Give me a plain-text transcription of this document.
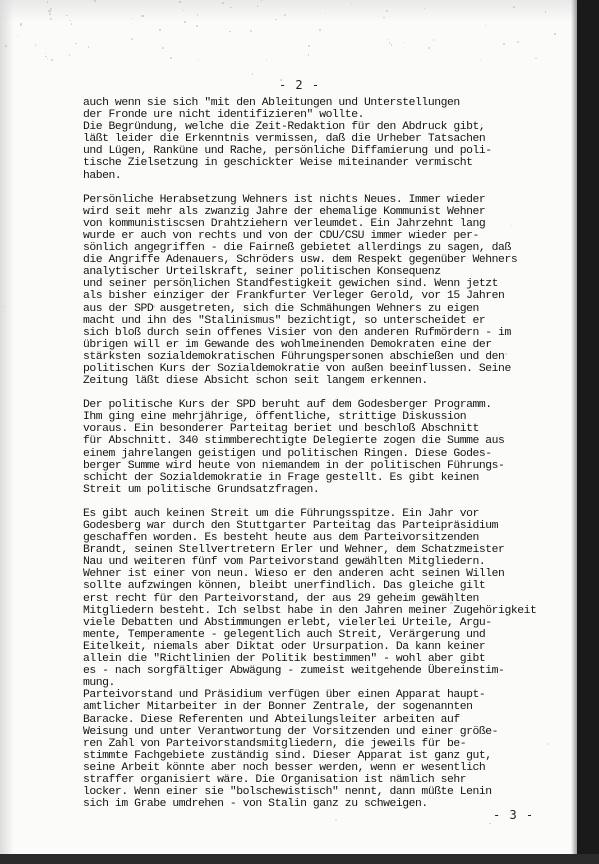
- 2 -
auch wenn sie sich "mit den Ableitungen und Unterstellungen
der Fronde ure nicht identifizieren" wollte.
Die Begründung, welche die Zeit-Redaktion für den Abdruck gibt,
läßt leider die Erkenntnis vermissen, daß die Urheber Tatsachen
und Lügen, Ranküne und Rache, persönliche Diffamierung und poli-
tische Zielsetzung in geschickter Weise miteinander vermischt
haben.
Persönliche Herabsetzung Wehners ist nichts Neues. Immer wieder
wird seit mehr als zwanzig Jahre der ehemalige Kommunist Wehner
von kommunistiscsen Drahtziehern verleumdet. Ein Jahrzehnt lang
wurde er auch von rechts und von der CDU/CSU immer wieder per-
sönlich angegriffen - die Fairneß gebietet allerdings zu sagen, daß
die Angriffe Adenauers, Schröders usw. dem Respekt gegenüber Wehners
analytischer Urteilskraft, seiner politischen Konsequenz
und seiner persönlichen Standfestigkeit gewichen sind. Wenn jetzt
als bisher einziger der Frankfurter Verleger Gerold, vor 15 Jahren
aus der SPD ausgetreten, sich die Schmähungen Wehners zu eigen
macht und ihn des "Stalinismus" bezichtigt, so unterscheidet er
sich bloß durch sein offenes Visier von den anderen Rufmördern - im
übrigen will er im Gewande des wohlmeinenden Demokraten eine der
stärksten sozialdemokratischen Führungspersonen abschießen und den
politischen Kurs der Sozialdemokratie von außen beeinflussen. Seine
Zeitung läßt diese Absicht schon seit langem erkennen.
Der politische Kurs der SPD beruht auf dem Godesberger Programm.
Ihm ging eine mehrjährige, öffentliche, strittige Diskussion
voraus. Ein besonderer Parteitag beriet und beschloß Abschnitt
für Abschnitt. 340 stimmberechtigte Delegierte zogen die Summe aus
einem jahrelangen geistigen und politischen Ringen. Diese Godes-
berger Summe wird heute von niemandem in der politischen Führungs-
schicht der Sozialdemokratie in Frage gestellt. Es gibt keinen
Streit um politische Grundsatzfragen.
Es gibt auch keinen Streit um die Führungsspitze. Ein Jahr vor
Godesberg war durch den Stuttgarter Parteitag das Parteipräsidium
geschaffen worden. Es besteht heute aus dem Parteivorsitzenden
Brandt, seinen Stellvertretern Erler und Wehner, dem Schatzmeister
Nau und weiteren fünf vom Parteivorstand gewählten Mitgliedern.
Wehner ist einer von neun. Wieso er den anderen acht seinen Willen
sollte aufzwingen können, bleibt unerfindlich. Das gleiche gilt
erst recht für den Parteivorstand, der aus 29 geheim gewählten
Mitgliedern besteht. Ich selbst habe in den Jahren meiner Zugehörigkeit
viele Debatten und Abstimmungen erlebt, vielerlei Urteile, Argu-
mente, Temperamente - gelegentlich auch Streit, Verärgerung und
Eitelkeit, niemals aber Diktat oder Ursurpation. Da kann keiner
allein die "Richtlinien der Politik bestimmen" - wohl aber gibt
es - nach sorgfältiger Abwägung - zumeist weitgehende Übereinstim-
mung.
Parteivorstand und Präsidium verfügen über einen Apparat haupt-
amtlicher Mitarbeiter in der Bonner Zentrale, der sogenannten
Baracke. Diese Referenten und Abteilungsleiter arbeiten auf
Weisung und unter Verantwortung der Vorsitzenden und einer größe-
ren Zahl von Parteivorstandsmitgliedern, die jeweils für be-
stimmte Fachgebiete zuständig sind. Dieser Apparat ist ganz gut,
seine Arbeit könnte aber noch besser werden, wenn er wesentlich
straffer organisiert wäre. Die Organisation ist nämlich sehr
locker. Wenn einer sie "bolschewistisch" nennt, dann müßte Lenin
sich im Grabe umdrehen - von Stalin ganz zu schweigen.
- 3 -
